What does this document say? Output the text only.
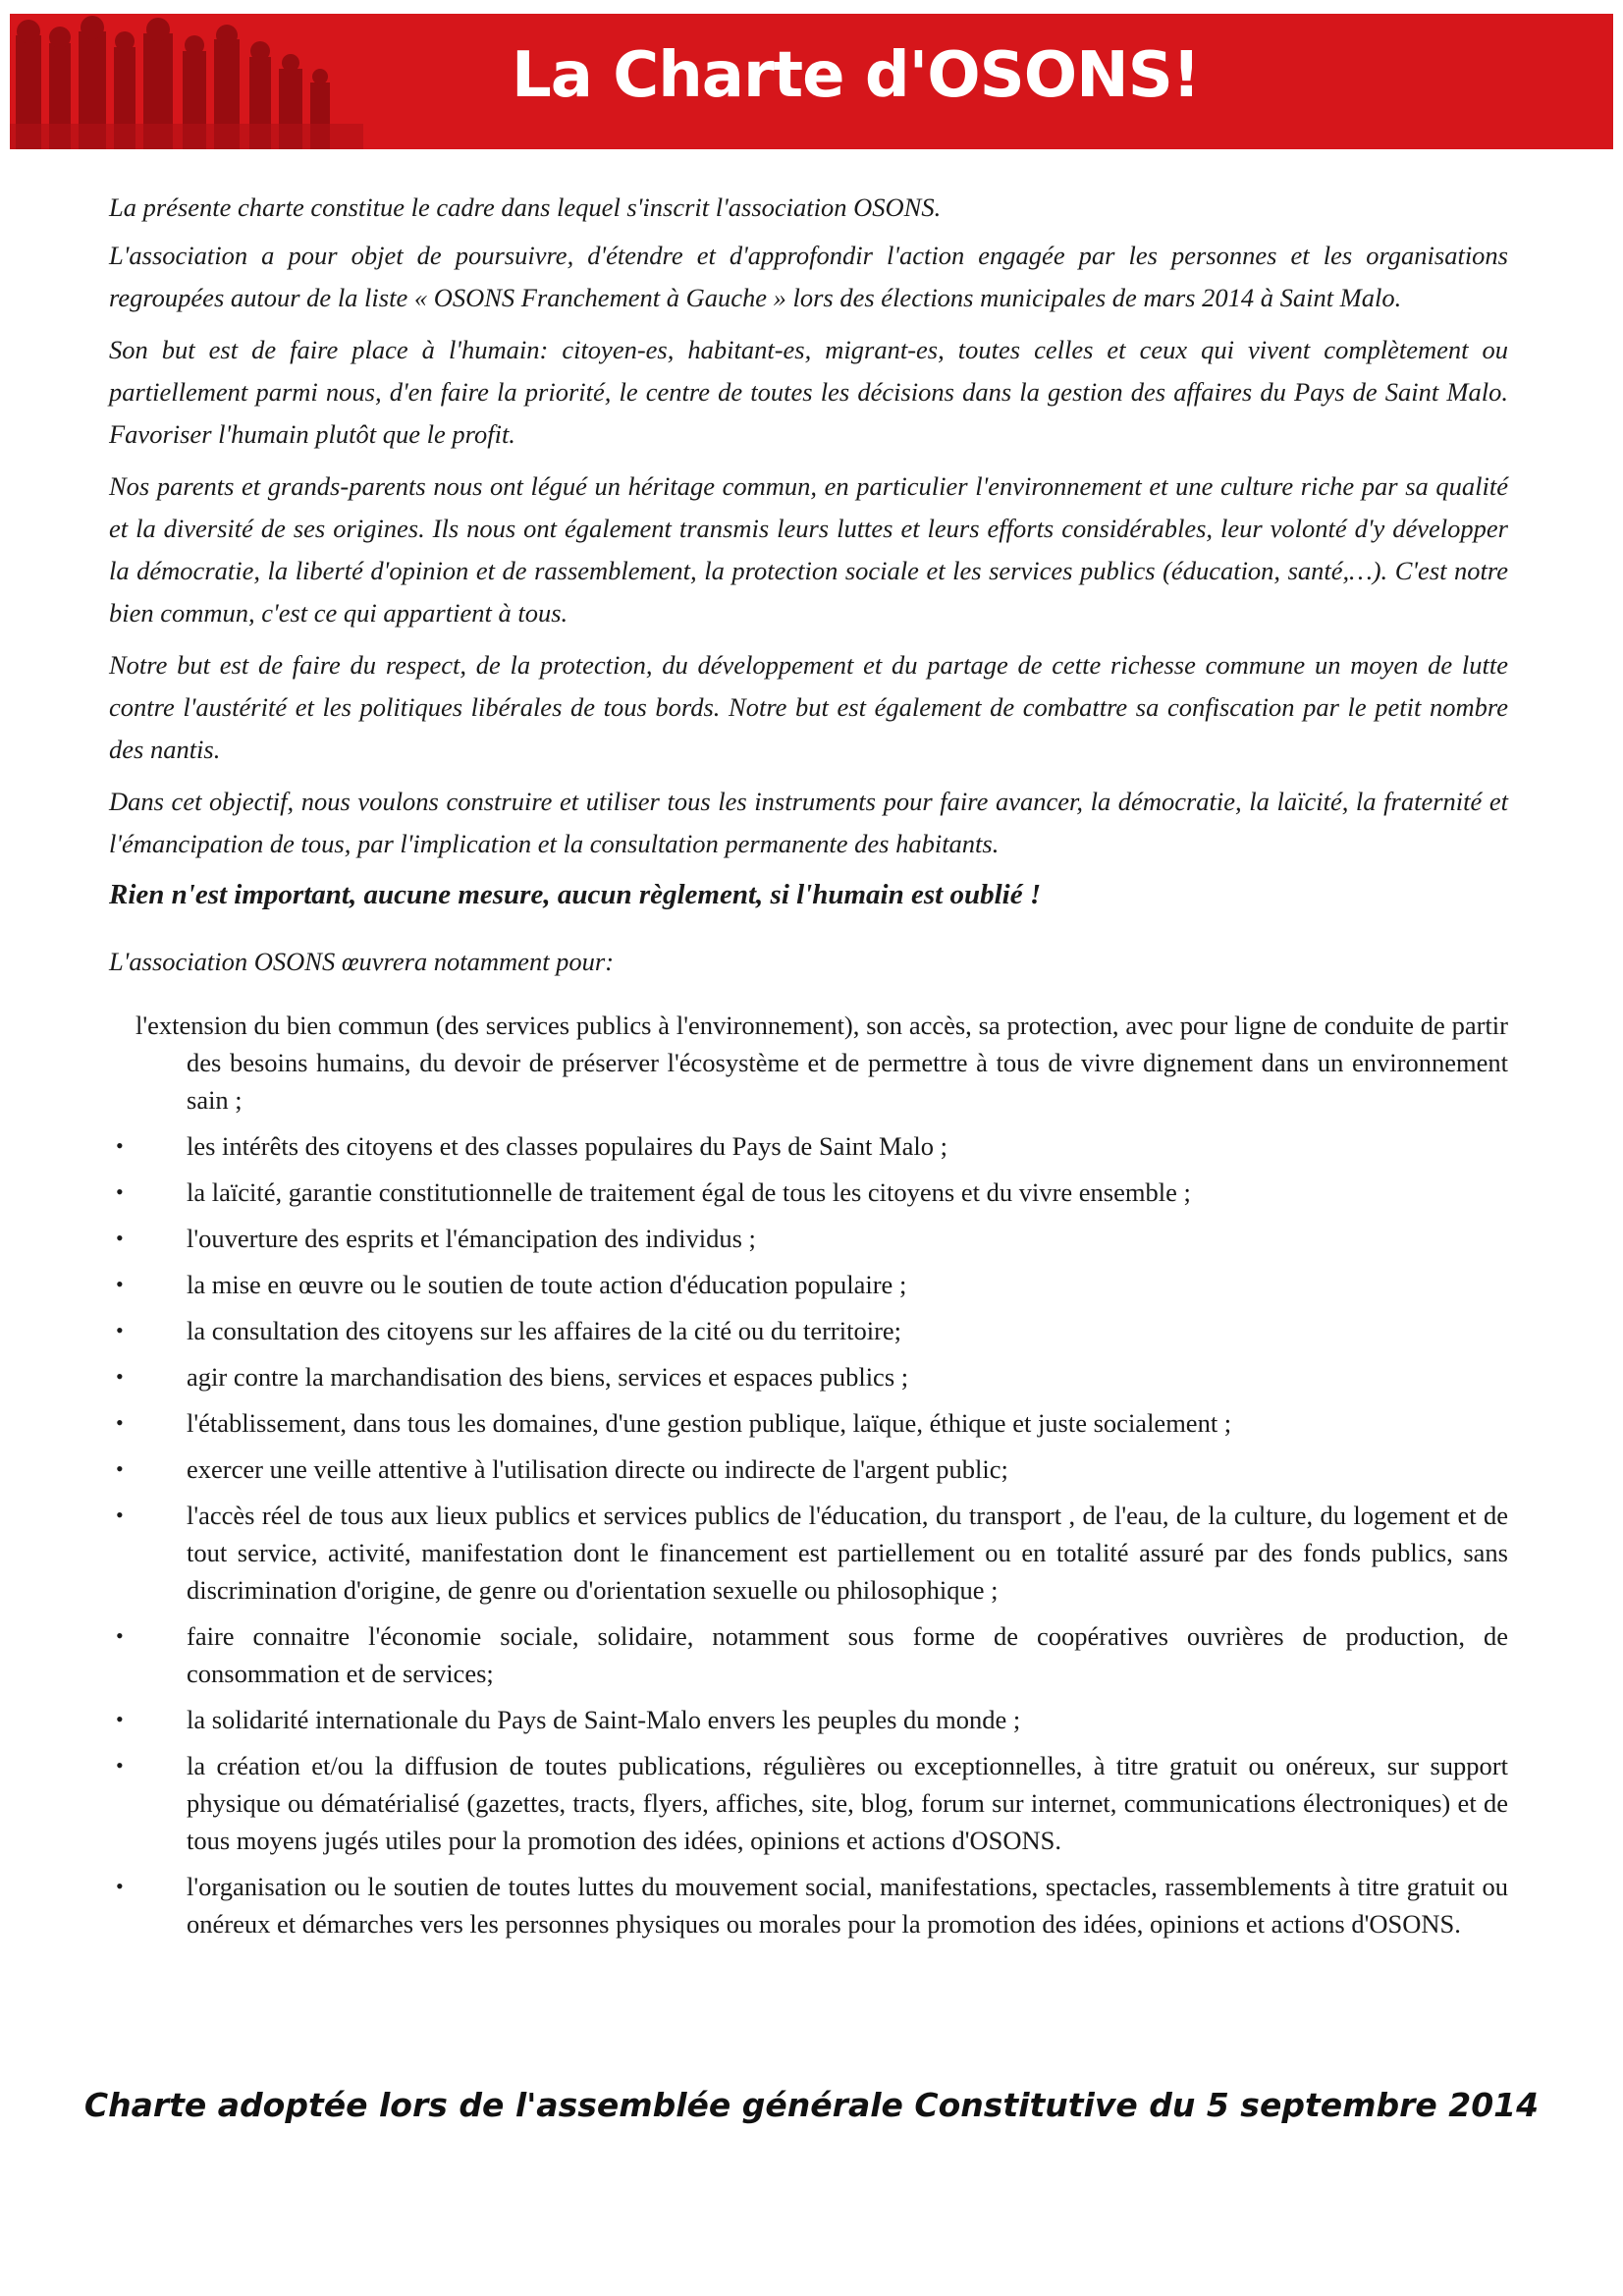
La Charte d'OSONS!

La présente charte constitue le cadre dans lequel s'inscrit l'association OSONS.

L'association a pour objet de poursuivre, d'étendre et d'approfondir l'action engagée par les personnes et les organisations regroupées autour de la liste « OSONS Franchement à Gauche » lors des élections municipales de mars 2014 à Saint Malo.

Son but est de faire place à l'humain: citoyen-es, habitant-es, migrant-es, toutes celles et ceux qui vivent complètement ou partiellement parmi nous, d'en faire la priorité, le centre de toutes les décisions dans la gestion des affaires du Pays de Saint Malo. Favoriser l'humain plutôt que le profit.

Nos parents et grands-parents nous ont légué un héritage commun, en particulier l'environnement et une culture riche par sa qualité et la diversité de ses origines. Ils nous ont également transmis leurs luttes et leurs efforts considérables, leur volonté d'y développer la démocratie, la liberté d'opinion et de rassemblement, la protection sociale et les services publics (éducation, santé,…). C'est notre bien commun, c'est ce qui appartient à tous.

Notre but est de faire du respect, de la protection, du développement et du partage de cette richesse commune un moyen de lutte contre l'austérité et les politiques libérales de tous bords. Notre but est également de combattre sa confiscation par le petit nombre des nantis.

Dans cet objectif, nous voulons construire et utiliser tous les instruments pour faire avancer, la démocratie, la laïcité, la fraternité et l'émancipation de tous, par l'implication et la consultation permanente des habitants.

Rien n'est important, aucune mesure, aucun règlement, si l'humain est oublié !

L'association OSONS œuvrera notamment pour:

l'extension du bien commun (des services publics à l'environnement), son accès, sa protection, avec pour ligne de conduite de partir des besoins humains, du devoir de préserver l'écosystème et de permettre à tous de vivre dignement dans un environnement sain ;
• les intérêts des citoyens et des classes populaires du Pays de Saint Malo ;
• la laïcité, garantie constitutionnelle de traitement égal de tous les citoyens et du vivre ensemble ;
• l'ouverture des esprits et l'émancipation des individus ;
• la mise en œuvre ou le soutien de toute action d'éducation populaire ;
• la consultation des citoyens sur les affaires de la cité ou du territoire;
• agir contre la marchandisation des biens, services et espaces publics ;
• l'établissement, dans tous les domaines, d'une gestion publique, laïque, éthique et juste socialement ;
• exercer une veille attentive à l'utilisation directe ou indirecte de l'argent public;
• l'accès réel de tous aux lieux publics et services publics de l'éducation, du transport , de l'eau, de la culture, du logement et de tout service, activité, manifestation dont le financement est partiellement ou en totalité assuré par des fonds publics, sans discrimination d'origine, de genre ou d'orientation sexuelle ou philosophique ;
• faire connaitre l'économie sociale, solidaire, notamment sous forme de coopératives ouvrières de production, de consommation et de services;
• la solidarité internationale du Pays de Saint-Malo envers les peuples du monde ;
• la création et/ou la diffusion de toutes publications, régulières ou exceptionnelles, à titre gratuit ou onéreux, sur support physique ou dématérialisé (gazettes, tracts, flyers, affiches, site, blog, forum sur internet, communications électroniques) et de tous moyens jugés utiles pour la promotion des idées, opinions et actions d'OSONS.
• l'organisation ou le soutien de toutes luttes du mouvement social, manifestations, spectacles, rassemblements à titre gratuit ou onéreux et démarches vers les personnes physiques ou morales pour la promotion des idées, opinions et actions d'OSONS.
Charte adoptée lors de l'assemblée générale Constitutive du 5 septembre 2014
